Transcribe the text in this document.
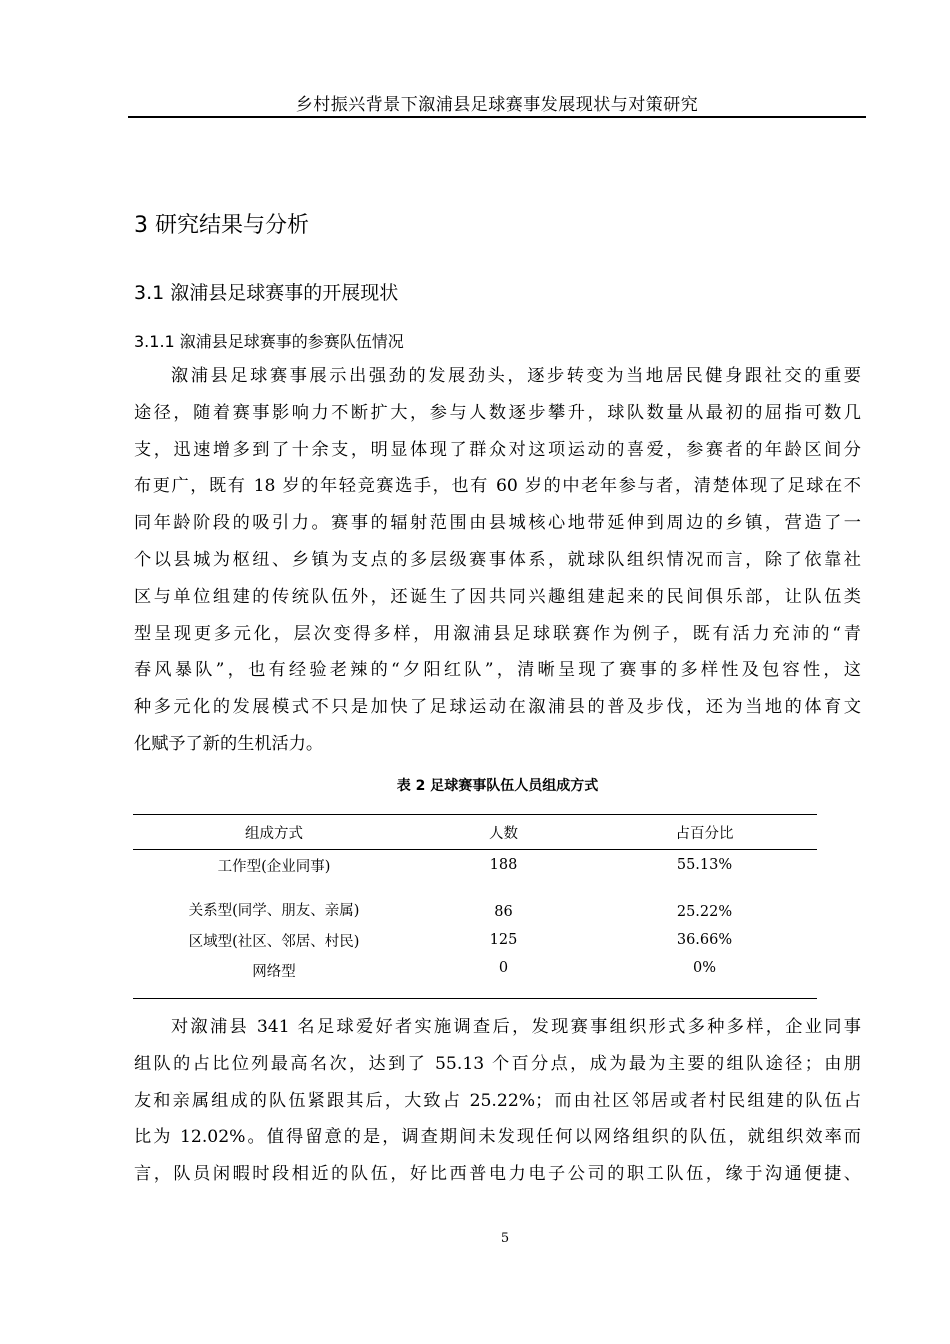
乡村振兴背景下溆浦县足球赛事发展现状与对策研究
3 研究结果与分析
3.1 溆浦县足球赛事的开展现状
3.1.1 溆浦县足球赛事的参赛队伍情况
溆浦县足球赛事展示出强劲的发展劲头，逐步转变为当地居民健身跟社交的重要
途径，随着赛事影响力不断扩大，参与人数逐步攀升，球队数量从最初的屈指可数几
支，迅速增多到了十余支，明显体现了群众对这项运动的喜爱，参赛者的年龄区间分
布更广，既有 18 岁的年轻竞赛选手，也有 60 岁的中老年参与者，清楚体现了足球在不
同年龄阶段的吸引力。赛事的辐射范围由县城核心地带延伸到周边的乡镇，营造了一
个以县城为枢纽、乡镇为支点的多层级赛事体系，就球队组织情况而言，除了依靠社
区与单位组建的传统队伍外，还诞生了因共同兴趣组建起来的民间俱乐部，让队伍类
型呈现更多元化，层次变得多样，用溆浦县足球联赛作为例子，既有活力充沛的“青
春风暴队”，也有经验老辣的“夕阳红队”，清晰呈现了赛事的多样性及包容性，这
种多元化的发展模式不只是加快了足球运动在溆浦县的普及步伐，还为当地的体育文
化赋予了新的生机活力。
表 2 足球赛事队伍人员组成方式
组成方式	人数	占百分比
工作型(企业同事)	188	55.13%
关系型(同学、朋友、亲属)	86	25.22%
区域型(社区、邻居、村民)	125	36.66%
网络型	0	0%
对溆浦县 341 名足球爱好者实施调查后，发现赛事组织形式多种多样，企业同事
组队的占比位列最高名次，达到了 55.13 个百分点，成为最为主要的组队途径；由朋
友和亲属组成的队伍紧跟其后，大致占 25.22%；而由社区邻居或者村民组建的队伍占
比为 12.02%。值得留意的是，调查期间未发现任何以网络组织的队伍，就组织效率而
言，队员闲暇时段相近的队伍，好比西普电力电子公司的职工队伍，缘于沟通便捷、
5
